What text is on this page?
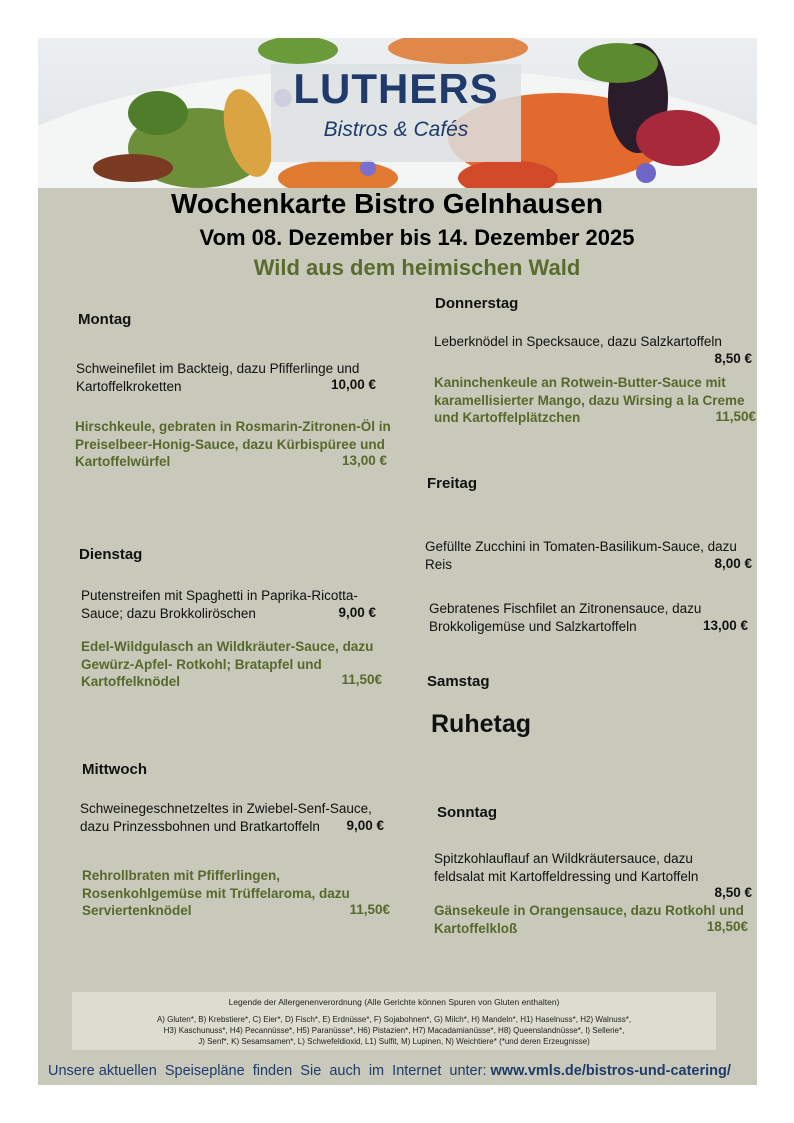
LUTHERS
Bistros & Cafés
Wochenkarte Bistro Gelnhausen
Vom 08. Dezember bis 14. Dezember 2025
Wild aus dem heimischen Wald
Montag
Schweinefilet im Backteig, dazu Pfifferlinge und
Kartoffelkroketten	10,00 €
Hirschkeule, gebraten in Rosmarin-Zitronen-Öl in
Preiselbeer-Honig-Sauce, dazu Kürbispüree und
Kartoffelwürfel	13,00 €
Dienstag
Putenstreifen mit Spaghetti in Paprika-Ricotta-
Sauce; dazu Brokkoliröschen	9,00 €
Edel-Wildgulasch an Wildkräuter-Sauce, dazu
Gewürz-Apfel- Rotkohl; Bratapfel und
Kartoffelknödel	11,50€
Mittwoch
Schweinegeschnetzeltes in Zwiebel-Senf-Sauce,
dazu Prinzessbohnen und Bratkartoffeln	9,00 €
Rehrollbraten mit Pfifferlingen,
Rosenkohlgemüse mit Trüffelaroma, dazu
Serviertenknödel	11,50€
Donnerstag
Leberknödel in Specksauce, dazu Salzkartoffeln
8,50 €
Kaninchenkeule an Rotwein-Butter-Sauce mit
karamellisierter Mango, dazu Wirsing a la Creme
und Kartoffelplätzchen	11,50€
Freitag
Gefüllte Zucchini in Tomaten-Basilikum-Sauce, dazu
Reis	8,00 €
Gebratenes Fischfilet an Zitronensauce, dazu
Brokkoligemüse und Salzkartoffeln	13,00 €
Samstag
Ruhetag
Sonntag
Spitzkohlauflauf an Wildkräutersauce, dazu
feldsalat mit Kartoffeldressing und Kartoffeln
8,50 €
Gänsekeule in Orangensauce, dazu Rotkohl und
Kartoffelkloß	18,50€
Legende der Allergenenverordnung (Alle Gerichte können Spuren von Gluten enthalten)
A) Gluten*, B) Krebstiere*, C) Eier*, D) Fisch*, E) Erdnüsse*, F) Sojabohnen*, G) Milch*, H) Mandeln*, H1) Haselnuss*, H2) Walnuss*,
H3) Kaschunuss*, H4) Pecannüsse*, H5) Paranüsse*, H6) Pistazien*, H7) Macadamianüsse*, H8) Queenslandnüsse*, I) Sellerie*,
J) Senf*, K) Sesamsamen*, L) Schwefeldioxid, L1) Sulfit, M) Lupinen, N) Weichtiere* (*und deren Erzeugnisse)
Unsere aktuellen  Speisepläne  finden  Sie  auch  im  Internet  unter: www.vmls.de/bistros-und-catering/
